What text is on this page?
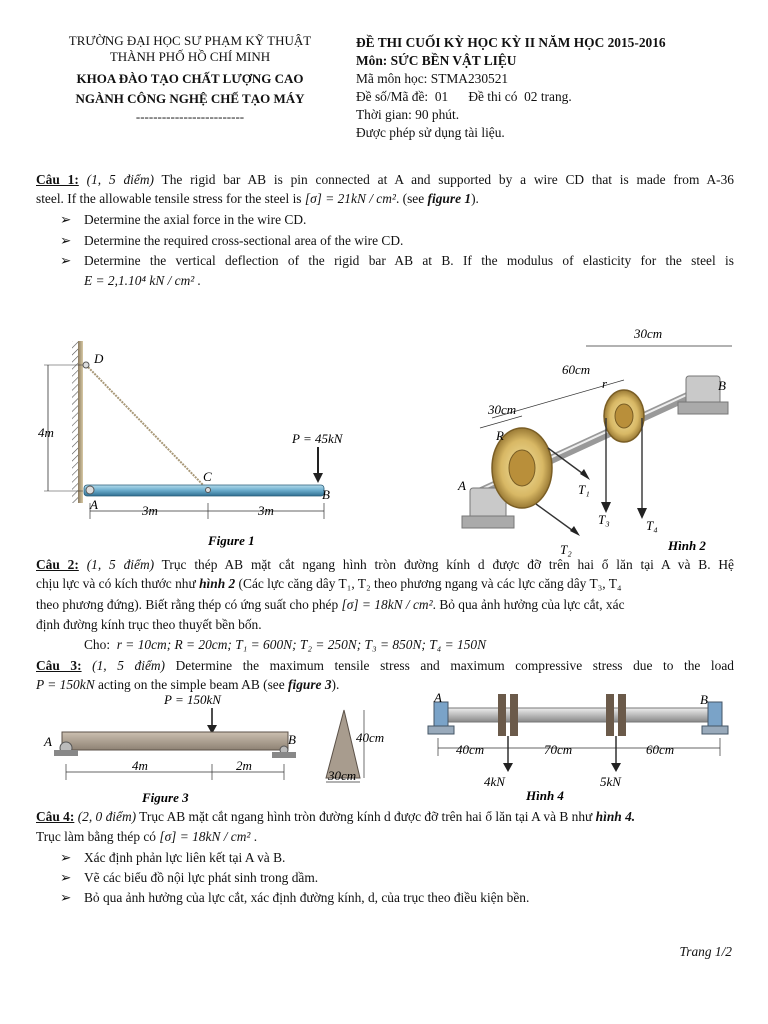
TRƯỜNG ĐẠI HỌC SƯ PHẠM KỸ THUẬT
THÀNH PHỐ HỒ CHÍ MINH
KHOA ĐÀO TẠO CHẤT LƯỢNG CAO
NGÀNH CÔNG NGHỆ CHẾ TẠO MÁY
-------------------------
ĐỀ THI CUỐI KỲ HỌC KỲ II NĂM HỌC 2015-2016
Môn: SỨC BỀN VẬT LIỆU
Mã môn học: STMA230521
Đề số/Mã đề:  01      Đề thi có  02 trang.
Thời gian: 90 phút.
Được phép sử dụng tài liệu.
Câu 1: (1, 5 điểm) The rigid bar AB is pin connected at A and supported by a wire CD that is made from A-36
steel. If the allowable tensile stress for the steel is [σ] = 21kN / cm². (see figure 1).
➢ Determine the axial force in the wire CD.
➢ Determine the required cross-sectional area of the wire CD.
➢ Determine the vertical deflection of the rigid bar AB at B. If the modulus of elasticity for the steel is
E = 2,1.10⁴ kN / cm² .
4m
D
C
A
B
P = 45kN
3m	3m
Figure 1
30cm
60cm
30cm
r
R
A
B
T₁
T₂
T₃	T₄
Hình 2
Câu 2: (1, 5 điểm) Trục thép AB mặt cắt ngang hình tròn đường kính d được đỡ trên hai ổ lăn tại A và B. Hệ
chịu lực và có kích thước như hình 2 (Các lực căng dây T₁, T₂ theo phương ngang và các lực căng dây T₃, T₄
theo phương đứng). Biết rằng thép có ứng suất cho phép [σ] = 18kN / cm². Bỏ qua ảnh hưởng của lực cắt, xác
định đường kính trục theo thuyết bền bốn.
Cho: r = 10cm; R = 20cm; T₁ = 600N; T₂ = 250N; T₃ = 850N; T₄ = 150N
Câu 3: (1, 5 điểm) Determine the maximum tensile stress and maximum compressive stress due to the load
P = 150kN acting on the simple beam AB (see figure 3).
P = 150kN
A	B
4m	2m
40cm
30cm
Figure 3
A	B
40cm	70cm	60cm
4kN	5kN
Hình 4
Câu 4: (2, 0 điểm) Trục AB mặt cắt ngang hình tròn đường kính d được đỡ trên hai ổ lăn tại A và B như hình 4.
Trục làm bằng thép có [σ] = 18kN / cm² .
➢ Xác định phản lực liên kết tại A và B.
➢ Vẽ các biểu đồ nội lực phát sinh trong dầm.
➢ Bỏ qua ảnh hưởng của lực cắt, xác định đường kính, d, của trục theo điều kiện bền.
Trang 1/2
